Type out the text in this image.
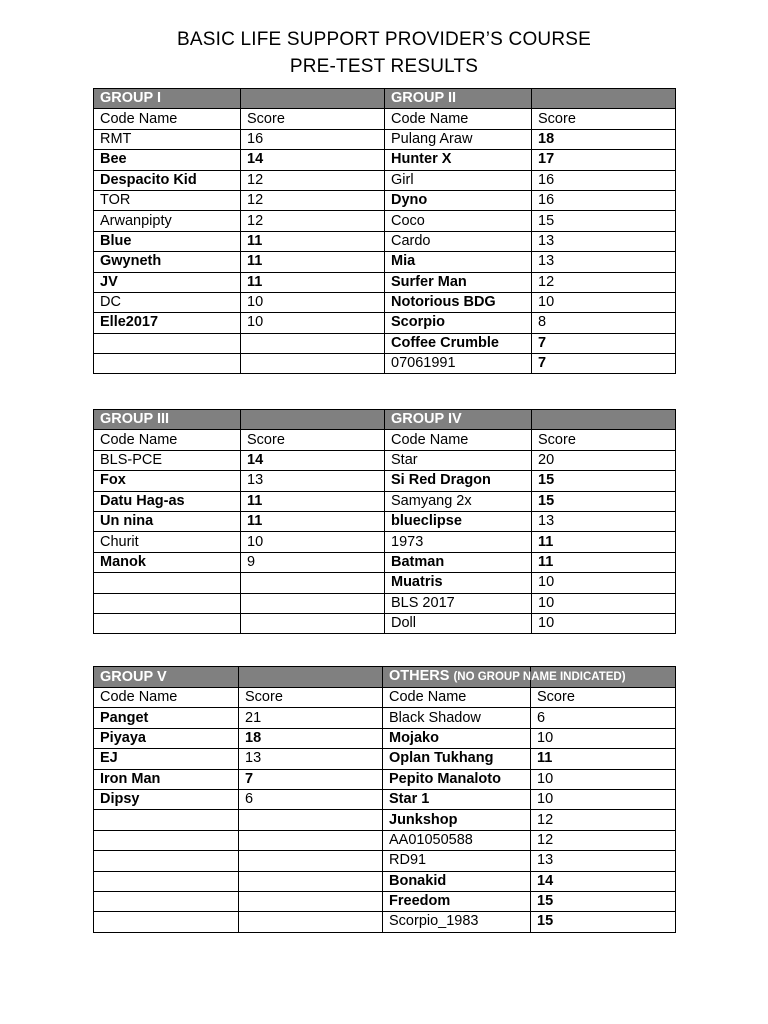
BASIC LIFE SUPPORT PROVIDER’S COURSE
PRE-TEST RESULTS
GROUP I		GROUP II	
Code Name	Score	Code Name	Score
RMT	16	Pulang Araw	18
Bee	14	Hunter X	17
Despacito Kid	12	Girl	16
TOR	12	Dyno	16
Arwanpipty	12	Coco	15
Blue	11	Cardo	13
Gwyneth	11	Mia	13
JV	11	Surfer Man	12
DC	10	Notorious BDG	10
Elle2017	10	Scorpio	8
		Coffee Crumble	7
		07061991	7
GROUP III		GROUP IV	
Code Name	Score	Code Name	Score
BLS-PCE	14	Star	20
Fox	13	Si Red Dragon	15
Datu Hag-as	11	Samyang 2x	15
Un nina	11	blueclipse	13
Churit	10	1973	11
Manok	9	Batman	11
		Muatris	10
		BLS 2017	10
		Doll	10
GROUP V		OTHERS (NO GROUP NAME INDICATED)	
Code Name	Score	Code Name	Score
Panget	21	Black Shadow	6
Piyaya	18	Mojako	10
EJ	13	Oplan Tukhang	11
Iron Man	7	Pepito Manaloto	10
Dipsy	6	Star 1	10
		Junkshop	12
		AA01050588	12
		RD91	13
		Bonakid	14
		Freedom	15
		Scorpio_1983	15
